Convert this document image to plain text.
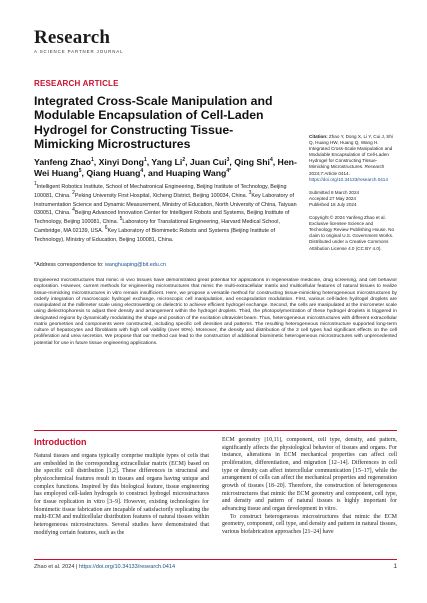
Research
A SCIENCE PARTNER JOURNAL
RESEARCH ARTICLE
Integrated Cross-Scale Manipulation and Modulable Encapsulation of Cell-Laden Hydrogel for Constructing Tissue-Mimicking Microstructures
Yanfeng Zhao$^1$, Xinyi Dong$^1$, Yang Li$^2$, Juan Cui$^3$, Qing Shi$^4$, Hen-Wei Huang$^5$, Qiang Huang$^4$, and Huaping Wang$^{4*}$
$^1$Intelligent Robotics Institute, School of Mechatronical Engineering, Beijing Institute of Technology, Beijing 100081, China. $^2$Peking University First Hospital, Xicheng District, Beijing 100034, China. $^3$Key Laboratory of Instrumentation Science and Dynamic Measurement, Ministry of Education, North University of China, Taiyuan 030051, China. $^4$Beijing Advanced Innovation Center for Intelligent Robots and Systems, Beijing Institute of Technology, Beijing 100081, China. $^5$Laboratory for Translational Engineering, Harvard Medical School, Cambridge, MA 02139, USA. $^6$Key Laboratory of Biomimetic Robots and Systems (Beijing Institute of Technology), Ministry of Education, Beijing 100081, China.
*Address correspondence to: wanghuaping@bit.edu.cn
Citation: Zhao Y, Dong X, Li Y, Cui J, Shi Q, Huang HW, Huang Q, Wang H. Integrated Cross-Scale Manipulation and Modulable Encapsulation of Cell-Laden Hydrogel for Constructing Tissue-Mimicking Microstructures. Research 2024;7:Article 0414. https://doi.org/10.34133/research.0414
Submitted 8 March 2024
Accepted 27 May 2024
Published 18 July 2024
Copyright © 2024 Yanfeng Zhao et al. Exclusive licensee Science and Technology Review Publishing House. No claim to original U.S. Government Works. Distributed under a Creative Commons Attribution License 4.0 (CC BY 4.0).

Engineered microstructures that mimic in vivo tissues have demonstrated great potential for applications in regenerative medicine, drug screening, and cell behavior exploration. However, current methods for engineering microstructures that mimic the multi-extracellular matrix and multicellular features of natural tissues to realize tissue-mimicking microstructures in vitro remain insufficient. Here, we propose a versatile method for constructing tissue-mimicking heterogeneous microstructures by orderly integration of macroscopic hydrogel exchange, microscopic cell manipulation, and encapsulation modulation. First, various cell-laden hydrogel droplets are manipulated at the millimeter scale using electrowetting on dielectric to achieve efficient hydrogel exchange. Second, the cells are manipulated at the micrometer scale using dielectrophoresis to adjust their density and arrangement within the hydrogel droplets. Third, the photopolymerization of these hydrogel droplets is triggered in designated regions by dynamically modulating the shape and position of the excitation ultraviolet beam. Thus, heterogeneous microstructures with different extracellular matrix geometries and components were constructed, including specific cell densities and patterns. The resulting heterogeneous microstructure supported long-term culture of hepatocytes and fibroblasts with high cell viability (over 90%). Moreover, the density and distribution of the 2 cell types had significant effects on the cell proliferation and urea secretion. We propose that our method can lead to the construction of additional biomimetic heterogeneous microstructures with unprecedented potential for use in future tissue engineering applications.

Introduction

Natural tissues and organs typically comprise multiple types of cells that are embedded in the corresponding extracellular matrix (ECM) based on the specific cell distribution [1,2]. These differences in structural and physicochemical features result in tissues and organs having unique and complex functions. Inspired by this biological feature, tissue engineering has employed cell-laden hydrogels to construct hydrogel microstructures for tissue replication in vitro [3–9]. However, existing technologies for biomimetic tissue fabrication are incapable of satisfactorily replicating the multi-ECM and multicellular distribution features of natural tissues within heterogeneous microstructures. Several studies have demonstrated that modifying certain features, such as the

ECM geometry [10,11], component, cell type, density, and pattern, significantly affects the physiological behavior of tissues and organs. For instance, alterations in ECM mechanical properties can affect cell proliferation, differentiation, and migration [12–14]. Differences in cell type or density can affect intercellular communication [15–17], while the arrangement of cells can affect the mechanical properties and regeneration growth of tissues [18–20]. Therefore, the construction of heterogeneous microstructures that mimic the ECM geometry and component, cell type, and density and pattern of natural tissues is highly important for advancing tissue and organ development in vitro.

To construct heterogeneous microstructures that mimic the ECM geometry, component, cell type, and density and pattern in natural tissues, various biofabrication approaches [21–24] have

Zhao et al. 2024 | https://doi.org/10.34133/research.0414	1
